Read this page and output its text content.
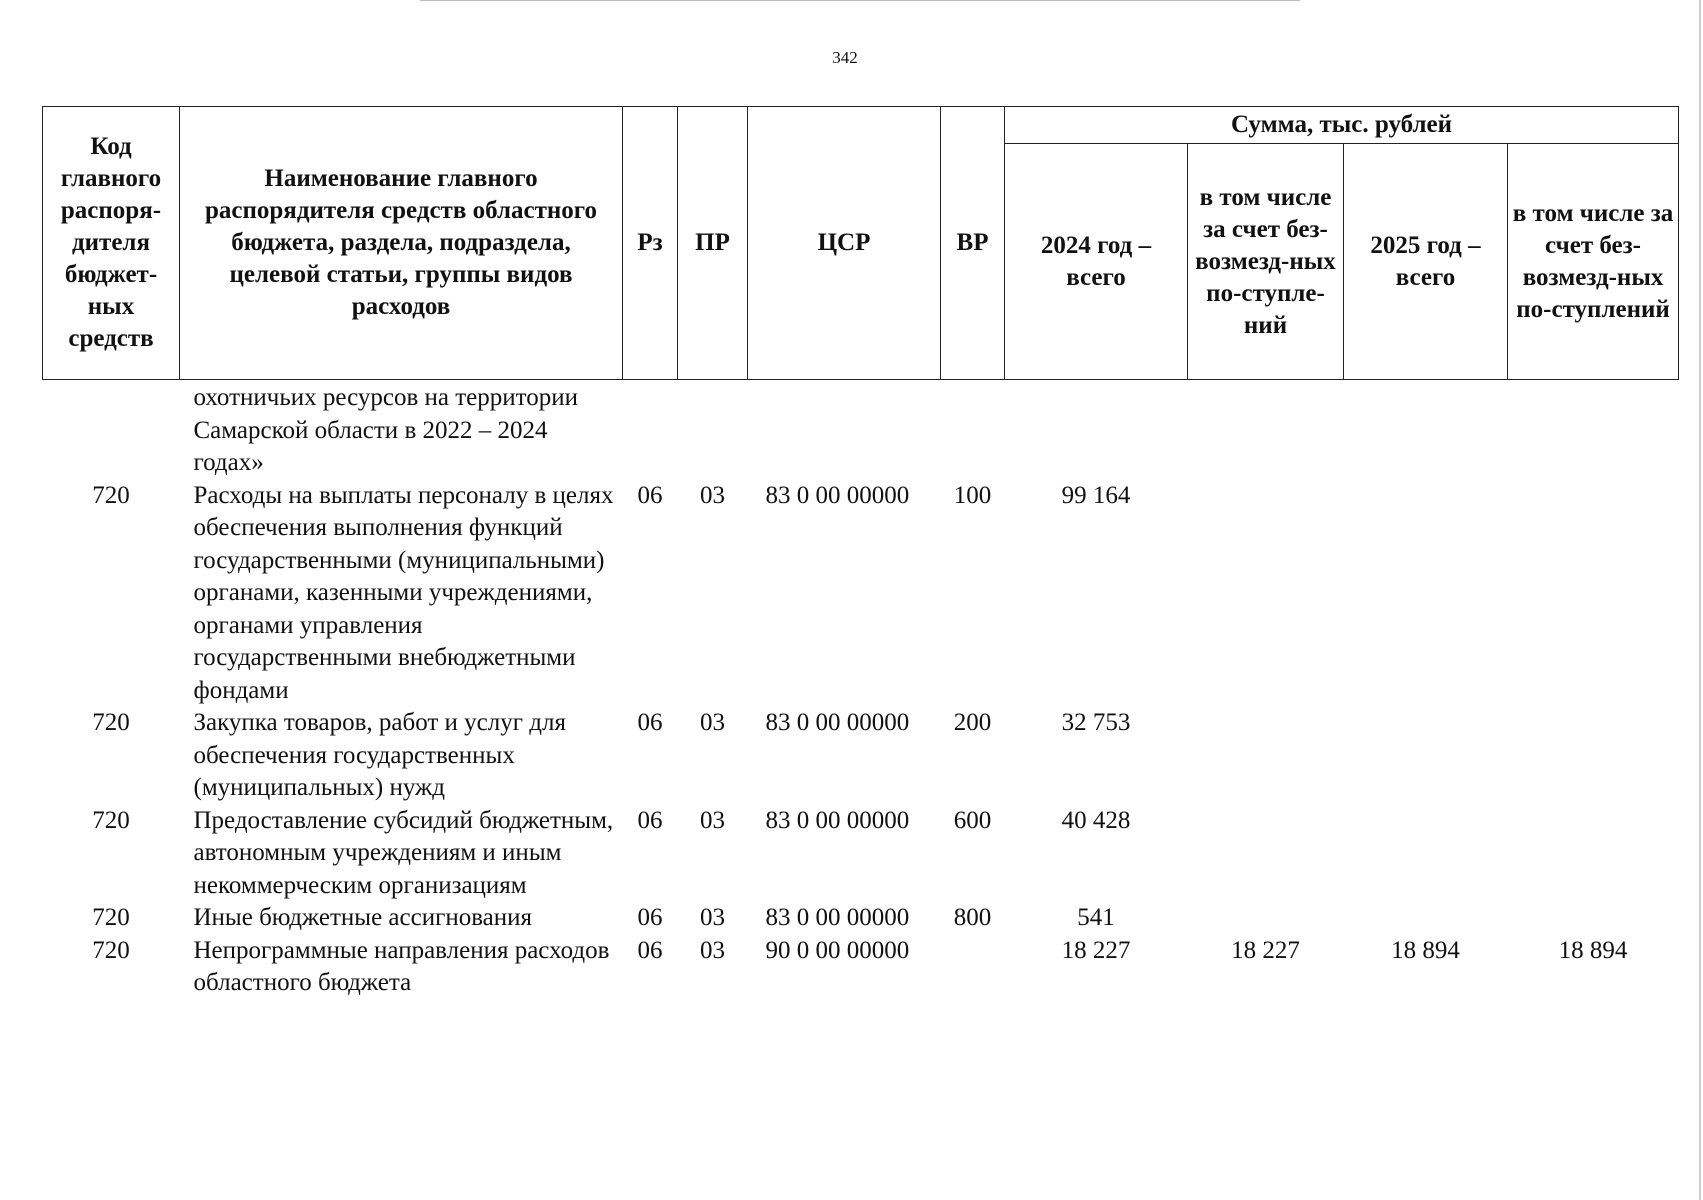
342
Код главного распоря-дителя бюджет-ных средств	Наименование главного распорядителя средств областного бюджета, раздела, подраздела, целевой статьи, группы видов расходов	Рз	ПР	ЦСР	ВР	Сумма, тыс. рублей			
						2024 год – всего	в том числе за счет без-возмезд-ных по-ступле-ний	2025 год – всего	в том числе за счет без-возмезд-ных по-ступлений
	охотничьих ресурсов на территории Самарской области в 2022 – 2024 годах»								
720	Расходы на выплаты персоналу в целях обеспечения выполнения функций государственными (муниципальными) органами, казенными учреждениями, органами управления государственными внебюджетными фондами	06	03	83 0 00 00000	100	99 164			
720	Закупка товаров, работ и услуг для обеспечения государственных (муниципальных) нужд	06	03	83 0 00 00000	200	32 753			
720	Предоставление субсидий бюджетным, автономным учреждениям и иным некоммерческим организациям	06	03	83 0 00 00000	600	40 428			
720	Иные бюджетные ассигнования	06	03	83 0 00 00000	800	541			
720	Непрограммные направления расходов областного бюджета	06	03	90 0 00 00000		18 227	18 227	18 894	18 894
